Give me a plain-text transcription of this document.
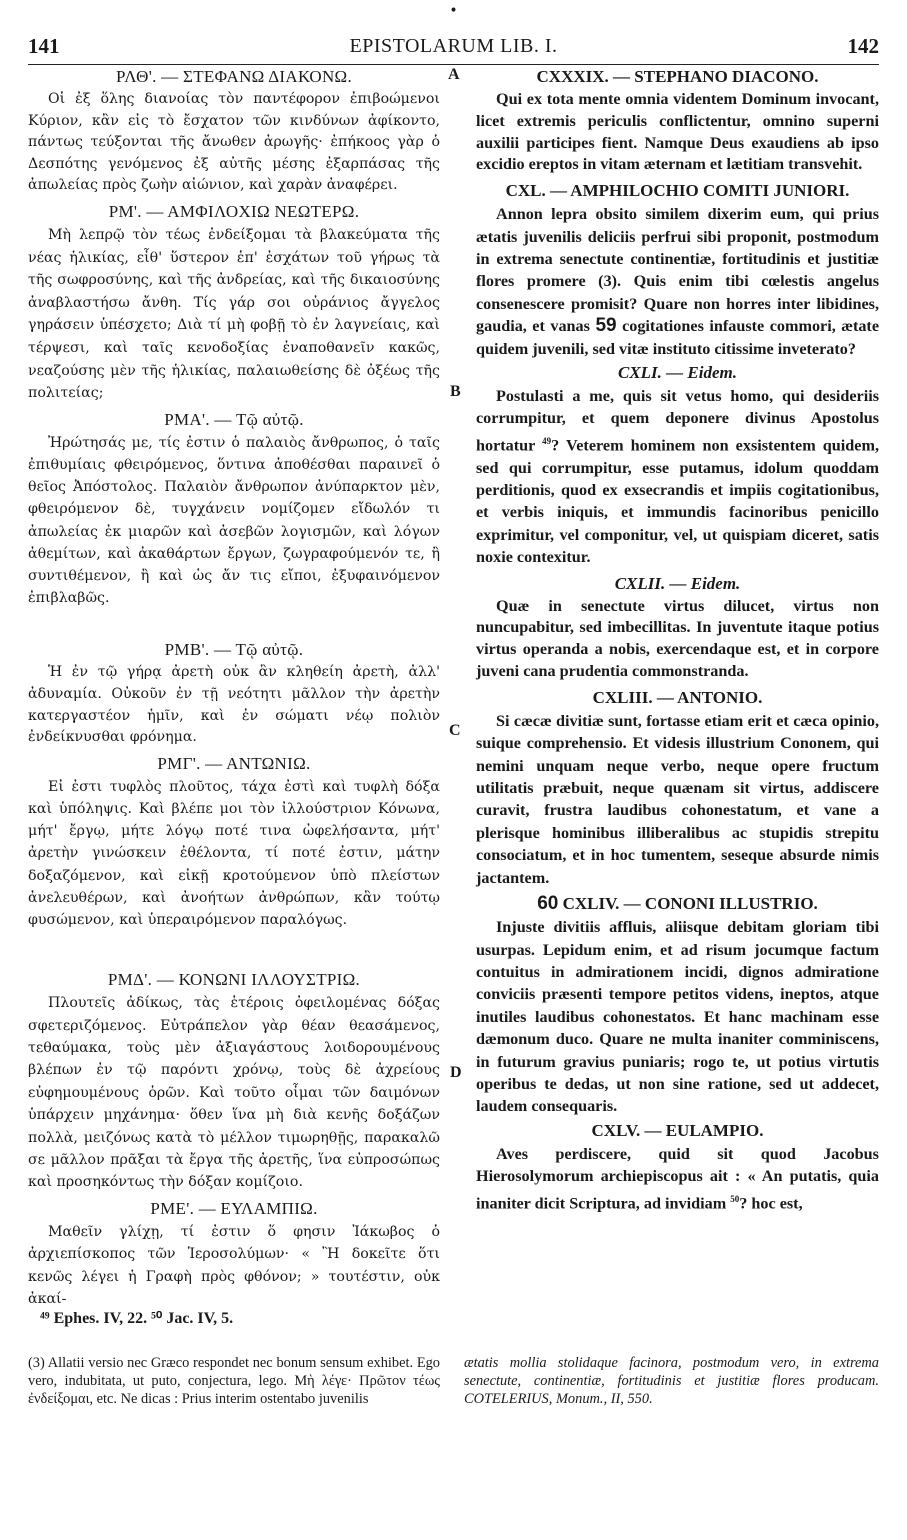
•
141	EPISTOLARUM LIB. I.	142
A
B
C
D
ΡΛΘ'. — ΣΤΕΦΑΝΩ ΔΙΑΚΟΝΩ.

Οἱ ἐξ ὅλης διανοίας τὸν παντέφορον ἐπιβοώμενοι Κύριον, κἂν εἰς τὸ ἔσχατον τῶν κινδύνων ἀφίκοντο, πάντως τεύξονται τῆς ἄνωθεν ἀρωγῆς· ἐπήκοος γὰρ ὁ Δεσπότης γενόμενος ἐξ αὐτῆς μέσης ἐξαρπάσας τῆς ἀπωλείας πρὸς ζωὴν αἰώνιον, καὶ χαρὰν ἀναφέρει.

ΡΜ'. — ΑΜΦΙΛΟΧΙΩ ΝΕΩΤΕΡΩ.

Μὴ λεπρῷ τὸν τέως ἐνδείξομαι τὰ βλακεύματα τῆς νέας ἡλικίας, εἶθ' ὕστερον ἐπ' ἐσχάτων τοῦ γήρως τὰ τῆς σωφροσύνης, καὶ τῆς ἀνδρείας, καὶ τῆς δικαιοσύνης ἀναβλαστήσω ἄνθη. Τίς γάρ σοι οὐράνιος ἄγγελος γηράσειν ὑπέσχετο; Διὰ τί μὴ φοβῇ τὸ ἐν λαγνείαις, καὶ τέρψεσι, καὶ ταῖς κενοδοξίας ἐναποθανεῖν κακῶς, νεαζούσης μὲν τῆς ἡλικίας, παλαιωθείσης δὲ ὀξέως τῆς πολιτείας;

ΡΜΑ'. — Τῷ αὐτῷ.

Ἠρώτησάς με, τίς ἐστιν ὁ παλαιὸς ἄνθρωπος, ὁ ταῖς ἐπιθυμίαις φθειρόμενος, ὅντινα ἀποθέσθαι παραινεῖ ὁ θεῖος Ἀπόστολος. Παλαιὸν ἄνθρωπον ἀνύπαρκτον μὲν, φθειρόμενον δὲ, τυγχάνειν νομίζομεν εἴδωλόν τι ἀπωλείας ἐκ μιαρῶν καὶ ἀσεβῶν λογισμῶν, καὶ λόγων ἀθεμίτων, καὶ ἀκαθάρτων ἔργων, ζωγραφούμενόν τε, ἢ συντιθέμενον, ἢ καὶ ὡς ἄν τις εἴποι, ἐξυφαινόμενον ἐπιβλαβῶς.

ΡΜΒ'. — Τῷ αὐτῷ.

Ἡ ἐν τῷ γήρᾳ ἀρετὴ οὐκ ἂν κληθείη ἀρετὴ, ἀλλ' ἀδυναμία. Οὐκοῦν ἐν τῇ νεότητι μᾶλλον τὴν ἀρετὴν κατεργαστέον ἡμῖν, καὶ ἐν σώματι νέῳ πολιὸν ἐνδείκνυσθαι φρόνημα.

ΡΜΓ'. — ΑΝΤΩΝΙΩ.

Εἰ ἐστι τυφλὸς πλοῦτος, τάχα ἐστὶ καὶ τυφλὴ δόξα καὶ ὑπόληψις. Καὶ βλέπε μοι τὸν ἰλλούστριον Κόνωνα, μήτ' ἔργῳ, μήτε λόγῳ ποτέ τινα ὠφελήσαντα, μήτ' ἀρετὴν γινώσκειν ἐθέλοντα, τί ποτέ ἐστιν, μάτην δοξαζόμενον, καὶ εἰκῇ κροτούμενον ὑπὸ πλείστων ἀνελευθέρων, καὶ ἀνοήτων ἀνθρώπων, κἂν τούτῳ φυσώμενον, καὶ ὑπεραιρόμενον παραλόγως.

ΡΜΔ'. — ΚΟΝΩΝΙ ΙΛΛΟΥΣΤΡΙΩ.

Πλουτεῖς ἀδίκως, τὰς ἑτέροις ὀφειλομένας δόξας σφετεριζόμενος. Εὐτράπελον γὰρ θέαν θεασάμενος, τεθαύμακα, τοὺς μὲν ἀξιαγάστους λοιδορουμένους βλέπων ἐν τῷ παρόντι χρόνῳ, τοὺς δὲ ἀχρείους εὐφημουμένους ὁρῶν. Καὶ τοῦτο οἶμαι τῶν δαιμόνων ὑπάρχειν μηχάνημα· ὅθεν ἵνα μὴ διὰ κενῆς δοξάζων πολλὰ, μειζόνως κατὰ τὸ μέλλον τιμωρηθῇς, παρακαλῶ σε μᾶλλον πρᾶξαι τὰ ἔργα τῆς ἀρετῆς, ἵνα εὐπροσώπως καὶ προσηκόντως τὴν δόξαν κομίζοιο.

ΡΜΕ'. — ΕΥΛΑΜΠΙΩ.

Μαθεῖν γλίχῃ, τί ἐστιν ὅ φησιν Ἰάκωβος ὁ ἀρχιεπίσκοπος τῶν Ἱεροσολύμων· « Ἢ δοκεῖτε ὅτι κενῶς λέγει ἡ Γραφὴ πρὸς φθόνον; » τουτέστιν, οὐκ ἀκαί-

CXXXIX. — STEPHANO DIACONO.

Qui ex tota mente omnia videntem Dominum invocant, licet extremis periculis conflictentur, omnino superni auxilii participes fient. Namque Deus exaudiens ab ipso excidio ereptos in vitam æternam et lætitiam transvehit.

CXL. — AMPHILOCHIO COMITI JUNIORI.

Annon lepra obsito similem dixerim eum, qui prius ætatis juvenilis deliciis perfrui sibi proponit, postmodum in extrema senectute continentiæ, fortitudinis et justitiæ flores promere (3). Quis enim tibi cœlestis angelus consenescere promisit? Quare non horres inter libidines, gaudia, et vanas 59 cogitationes infauste commori, ætate quidem juvenili, sed vitæ instituto citissime inveterato?

CXLI. — Eidem.

Postulasti a me, quis sit vetus homo, qui desideriis corrumpitur, et quem deponere divinus Apostolus hortatur $^{49}$? Veterem hominem non exsistentem quidem, sed qui corrumpitur, esse putamus, idolum quoddam perditionis, quod ex exsecrandis et impiis cogitationibus, et verbis iniquis, et immundis facinoribus penicillo exprimitur, vel componitur, vel, ut quispiam diceret, satis noxie contexitur.

CXLII. — Eidem.

Quæ in senectute virtus dilucet, virtus non nuncupabitur, sed imbecillitas. In juventute itaque potius virtus operanda a nobis, exercendaque est, et in corpore juveni cana prudentia commonstranda.

CXLIII. — ANTONIO.

Si cæcæ divitiæ sunt, fortasse etiam erit et cæca opinio, suique comprehensio. Et videsis illustrium Cononem, qui nemini unquam neque verbo, neque opere fructum utilitatis præbuit, neque quænam sit virtus, addiscere curavit, frustra laudibus cohonestatum, et vane a plerisque hominibus illiberalibus ac stupidis strepitu consociatum, et in hoc tumentem, seseque absurde nimis jactantem.

60 CXLIV. — CONONI ILLUSTRIO.

Injuste divitiis affluis, aliisque debitam gloriam tibi usurpas. Lepidum enim, et ad risum jocumque factum contuitus in admirationem incidi, dignos admiratione conviciis præsenti tempore petitos videns, ineptos, atque inutiles laudibus cohonestatos. Et hanc machinam esse dæmonum duco. Quare ne multa inaniter comminiscens, in futurum gravius puniaris; rogo te, ut potius virtutis operibus te dedas, ut non sine ratione, sed ut addecet, laudem consequaris.

CXLV. — EULAMPIO.

Aves perdiscere, quid sit quod Jacobus Hierosolymorum archiepiscopus ait : « An putatis, quia inaniter dicit Scriptura, ad invidiam $^{50}$? hoc est,

⁴⁹ Ephes. IV, 22. ⁵⁰ Jac. IV, 5.
(3) Allatii versio nec Græco respondet nec bonum sensum exhibet. Ego vero, indubitata, ut puto, conjectura, lego. Μὴ λέγε· Πρῶτον τέως ἐνδείξομαι, etc. Ne dicas : Prius interim ostentabo juvenilis
ætatis mollia stolidaque facinora, postmodum vero, in extrema senectute, continentiæ, fortitudinis et justitiæ flores producam. COTELERIUS, Monum., II, 550.
